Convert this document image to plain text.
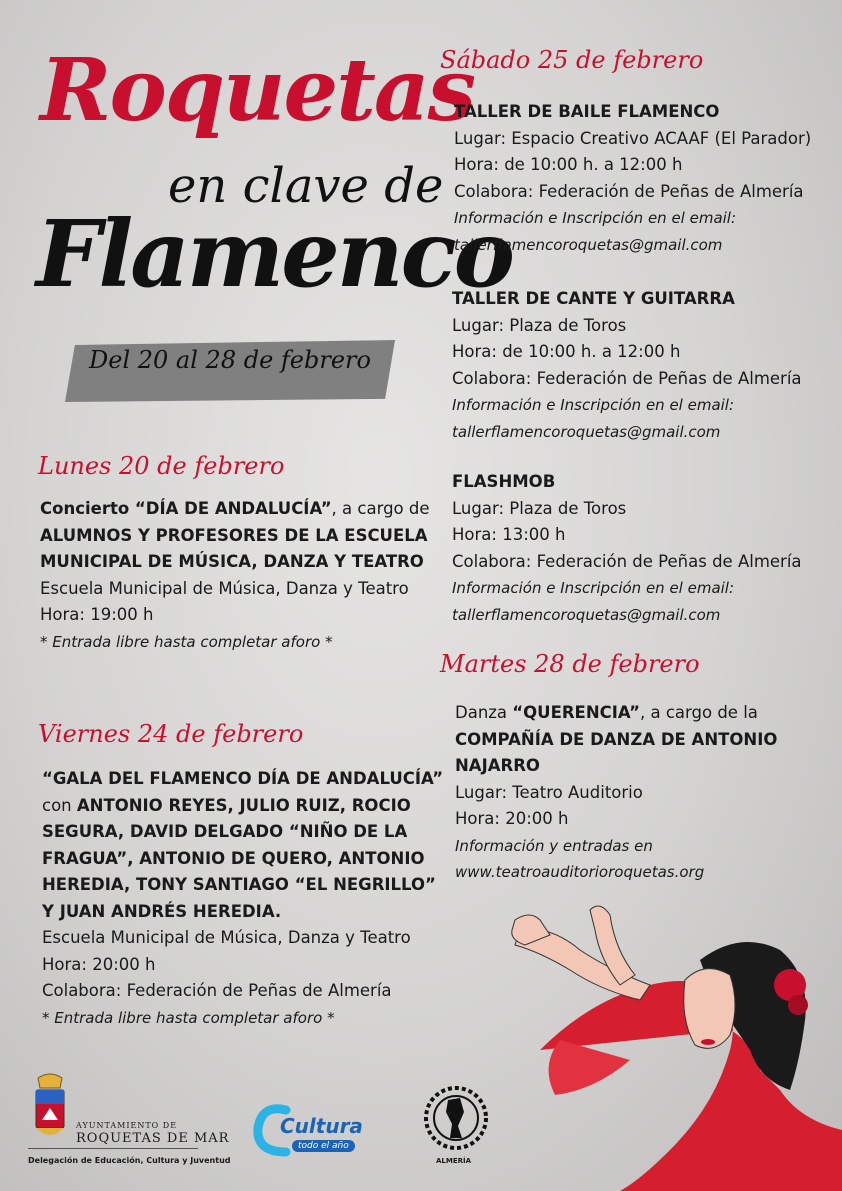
Roquetas
en clave de
Flamenco
Del 20 al 28 de febrero
Lunes 20 de febrero
Concierto “DÍA DE ANDALUCÍA”, a cargo de
ALUMNOS Y PROFESORES DE LA ESCUELA
MUNICIPAL DE MÚSICA, DANZA Y TEATRO
Escuela Municipal de Música, Danza y Teatro
Hora: 19:00 h
* Entrada libre hasta completar aforo *
Viernes 24 de febrero
“GALA DEL FLAMENCO DÍA DE ANDALUCÍA”
con ANTONIO REYES, JULIO RUIZ, ROCIO
SEGURA, DAVID DELGADO “NIÑO DE LA
FRAGUA”, ANTONIO DE QUERO, ANTONIO
HEREDIA, TONY SANTIAGO “EL NEGRILLO”
Y JUAN ANDRÉS HEREDIA.
Escuela Municipal de Música, Danza y Teatro
Hora: 20:00 h
Colabora: Federación de Peñas de Almería
* Entrada libre hasta completar aforo *
Sábado 25 de febrero
TALLER DE BAILE FLAMENCO
Lugar: Espacio Creativo ACAAF (El Parador)
Hora: de 10:00 h. a 12:00 h
Colabora: Federación de Peñas de Almería
Información e Inscripción en el email:
tallerflamencoroquetas@gmail.com
TALLER DE CANTE Y GUITARRA
Lugar: Plaza de Toros
Hora: de 10:00 h. a 12:00 h
Colabora: Federación de Peñas de Almería
Información e Inscripción en el email:
tallerflamencoroquetas@gmail.com
FLASHMOB
Lugar: Plaza de Toros
Hora: 13:00 h
Colabora: Federación de Peñas de Almería
Información e Inscripción en el email:
tallerflamencoroquetas@gmail.com
Martes 28 de febrero
Danza “QUERENCIA”, a cargo de la
COMPAÑÍA DE DANZA DE ANTONIO
NAJARRO
Lugar: Teatro Auditorio
Hora: 20:00 h
Información y entradas en
www.teatroauditorioroquetas.org
AYUNTAMIENTO DE
ROQUETAS DE MAR
Delegación de Educación, Cultura y Juventud
Cultura
todo el año
ALMERÍA
